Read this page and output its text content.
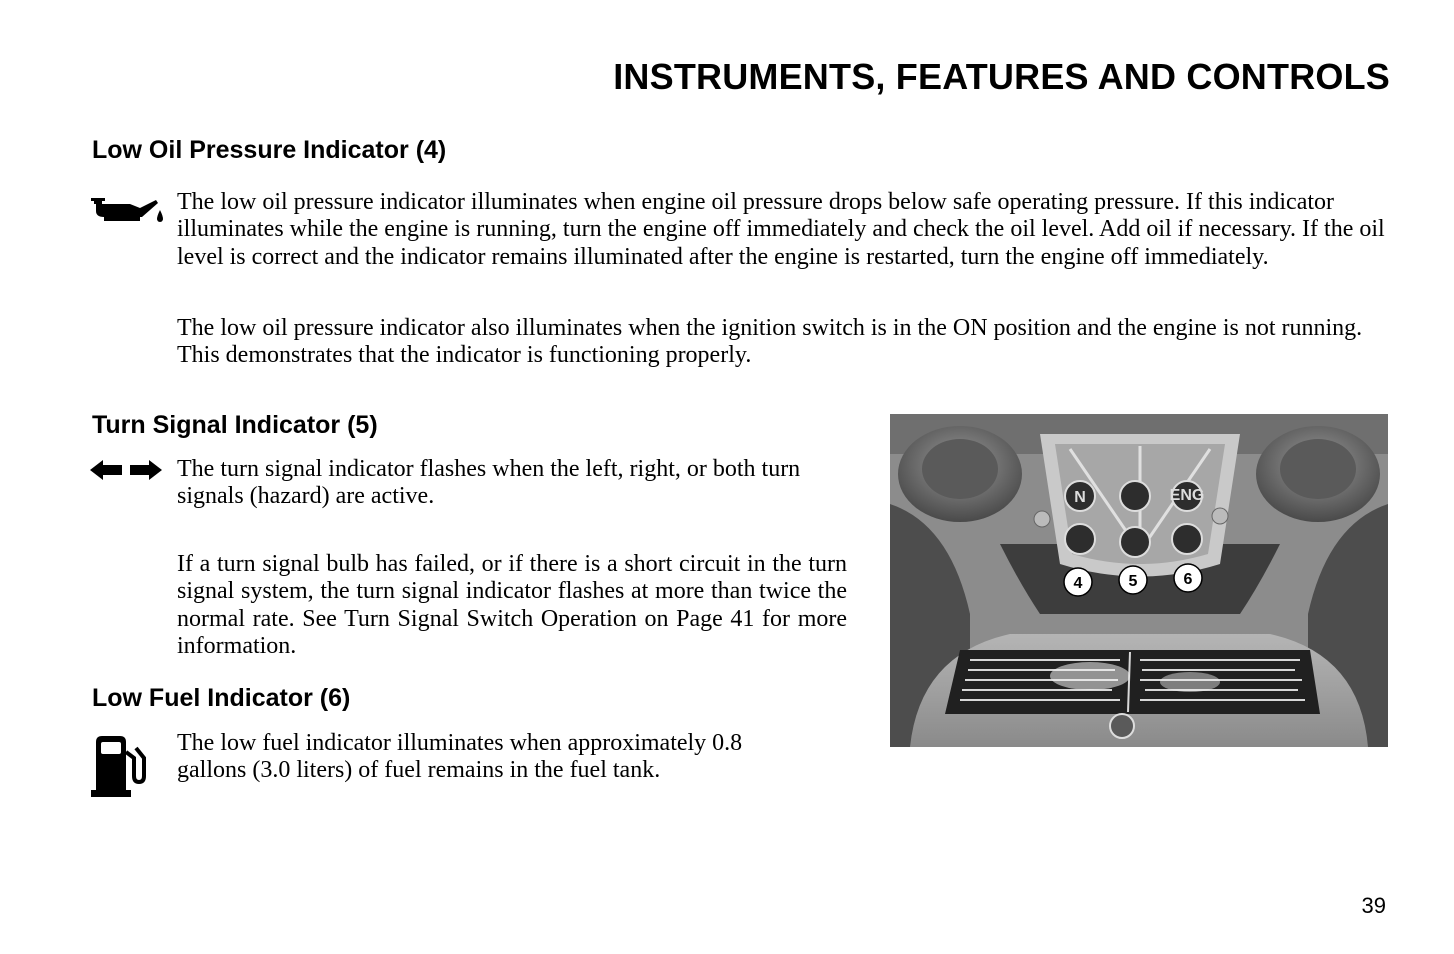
INSTRUMENTS, FEATURES AND CONTROLS
Low Oil Pressure Indicator (4)

The low oil pressure indicator illuminates when engine oil pressure drops below safe operating pressure. If this indicator illuminates while the engine is running, turn the engine off immediately and check the oil level. Add oil if necessary. If the oil level is correct and the indicator remains illuminated after the engine is restarted, turn the engine off immediately.

The low oil pressure indicator also illuminates when the ignition switch is in the ON position and the engine is not running. This demonstrates that the indicator is functioning properly.

Turn Signal Indicator (5)

The turn signal indicator flashes when the left, right, or both turn signals (hazard) are active.

If a turn signal bulb has failed, or if there is a short circuit in the turn signal system, the turn signal indicator flashes at more than twice the normal rate. See Turn Signal Switch Operation on Page 41 for more information.

Low Fuel Indicator (6)

The low fuel indicator illuminates when approximately 0.8 gallons (3.0 liters) of fuel remains in the fuel tank.

N	ENG
4	5	6
39
